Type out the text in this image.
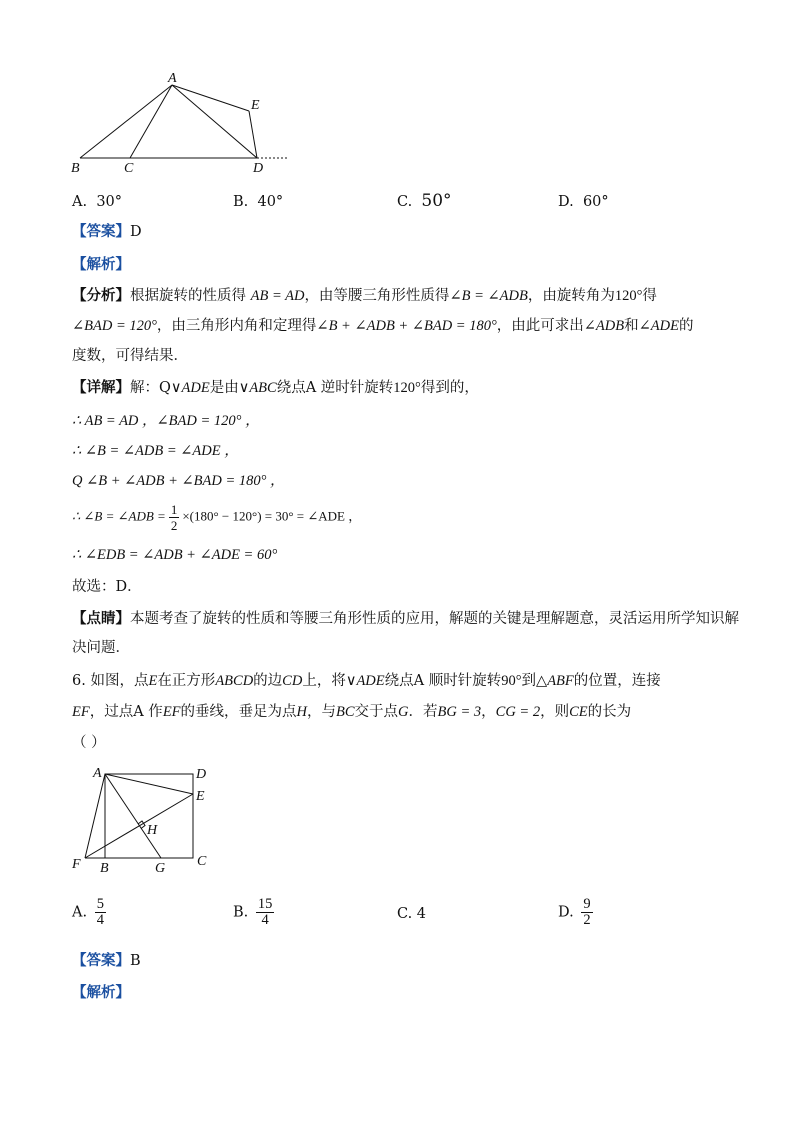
A
E
B	C	D
A. 30°	B. 40°	C. 50°	D. 60°
【答案】D
【解析】
【分析】根据旋转的性质得 AB = AD，由等腰三角形性质得∠B = ∠ADB，由旋转角为120°得
∠BAD = 120°，由三角形内角和定理得∠B + ∠ADB + ∠BAD = 180°，由此可求出∠ADB和∠ADE的
度数，可得结果．
【详解】解：Q∨ADE是由∨ABC绕点A 逆时针旋转120°得到的，
∴ AB = AD ，∠BAD = 120° ，
∴ ∠B = ∠ADB = ∠ADE ，
Q ∠B + ∠ADB + ∠BAD = 180° ，
∴ ∠B = ∠ADB = $\frac{1}{2} \times(180^\circ - 120^\circ) = 30^\circ$ = ∠ADE ，
∴ ∠EDB = ∠ADB + ∠ADE = 60°
故选：D．
【点睛】本题考查了旋转的性质和等腰三角形性质的应用，解题的关键是理解题意，灵活运用所学知识解
决问题．
6. 如图，点E在正方形ABCD的边CD上，将∨ADE绕点A 顺时针旋转90°到△ABF的位置，连接
EF，过点A 作EF的垂线，垂足为点H，与BC交于点G．若BG = 3，CG = 2，则CE的长为
（ ）
A	D
E
H
F B	G C
A. $\frac{5}{4}$	B. $\frac{15}{4}$	C. 4	D. $\frac{9}{2}$
【答案】B
【解析】
